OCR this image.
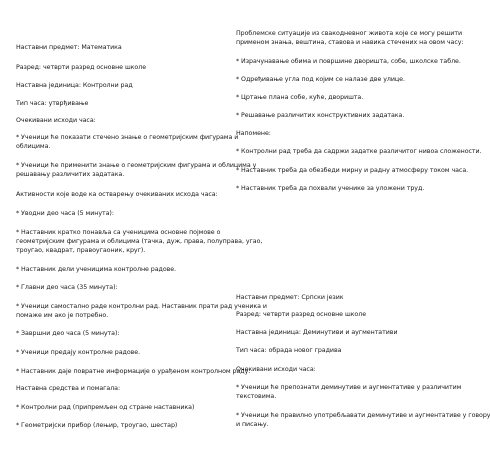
Наставни предмет: Математика
Разред: четврти разред основне школе
Наставна јединица: Контролни рад
Тип часа: утврђивање
Очекивани исходи часа:
* Ученици ће показати стечено знање о геометријским фигурама и
облицима.
* Ученици ће применити знање о геометријским фигурама и облицима у
решавању различитих задатака.
Активности које воде ка остварењу очекиваних исхода часа:
* Уводни део часа (5 минута):
* Наставник кратко понавља са ученицима основне појмове о
геометријским фигурама и облицима (тачка, дуж, права, полуправа, угао,
троугао, квадрат, правоугаоник, круг).
* Наставник дели ученицима контролне радове.
* Главни део часа (35 минута):
* Ученици самостално раде контролни рад. Наставник прати рад ученика и
помаже им ако је потребно.
* Завршни део часа (5 минута):
* Ученици предају контролне радове.
* Наставник даје повратне информације о урађеном контролном раду.
Наставна средства и помагала:
* Контролни рад (припремљен од стране наставника)
* Геометријски прибор (лењир, троугао, шестар)
Проблемске ситуације из свакодневног живота које се могу решити
применом знања, вештина, ставова и навика стечених на овом часу:
* Израчунавање обима и површине дворишта, собе, школске табле.
* Одређивање угла под којим се налазе две улице.
* Цртање плана собе, куће, дворишта.
* Решавање различитих конструктивних задатака.
Напомене:
* Контролни рад треба да садржи задатке различитог нивоа сложености.
* Наставник треба да обезбеди мирну и радну атмосферу током часа.
* Наставник треба да похвали ученике за уложени труд.
Наставни предмет: Српски језик
Разред: четврти разред основне школе
Наставна јединица: Деминутиви и аугментативи
Тип часа: обрада новог градива
Очекивани исходи часа:
* Ученици ће препознати деминутиве и аугментативе у различитим
текстовима.
* Ученици ће правилно употребљавати деминутиве и аугментативе у говору
и писању.
